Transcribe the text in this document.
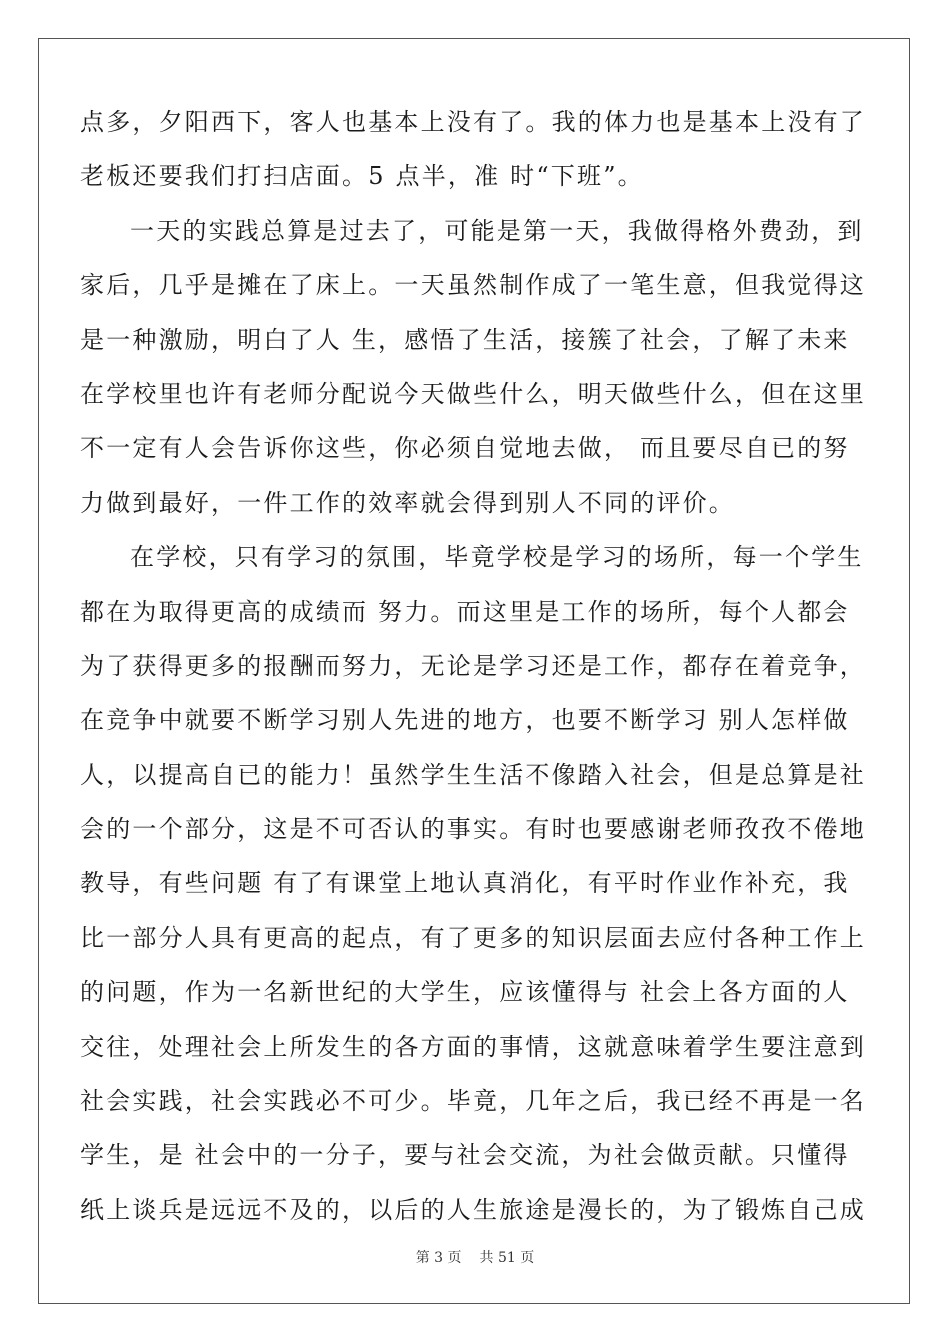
点多，夕阳西下，客人也基本上没有了。我的体力也是基本上没有了
老板还要我们打扫店面。5 点半，准 时“下班”。
一天的实践总算是过去了，可能是第一天，我做得格外费劲，到
家后，几乎是摊在了床上。一天虽然制作成了一笔生意，但我觉得这
是一种激励，明白了人 生，感悟了生活，接簇了社会，了解了未来
在学校里也许有老师分配说今天做些什么，明天做些什么，但在这里
不一定有人会告诉你这些，你必须自觉地去做， 而且要尽自已的努
力做到最好，一件工作的效率就会得到别人不同的评价。
在学校，只有学习的氛围，毕竟学校是学习的场所，每一个学生
都在为取得更高的成绩而 努力。而这里是工作的场所，每个人都会
为了获得更多的报酬而努力，无论是学习还是工作，都存在着竞争，
在竞争中就要不断学习别人先进的地方，也要不断学习 别人怎样做
人，以提高自已的能力！虽然学生生活不像踏入社会，但是总算是社
会的一个部分，这是不可否认的事实。有时也要感谢老师孜孜不倦地
教导，有些问题 有了有课堂上地认真消化，有平时作业作补充，我
比一部分人具有更高的起点，有了更多的知识层面去应付各种工作上
的问题，作为一名新世纪的大学生，应该懂得与 社会上各方面的人
交往，处理社会上所发生的各方面的事情，这就意味着学生要注意到
社会实践，社会实践必不可少。毕竟，几年之后，我已经不再是一名
学生，是 社会中的一分子，要与社会交流，为社会做贡献。只懂得
纸上谈兵是远远不及的，以后的人生旅途是漫长的，为了锻炼自己成
第 3 页 共 51 页
